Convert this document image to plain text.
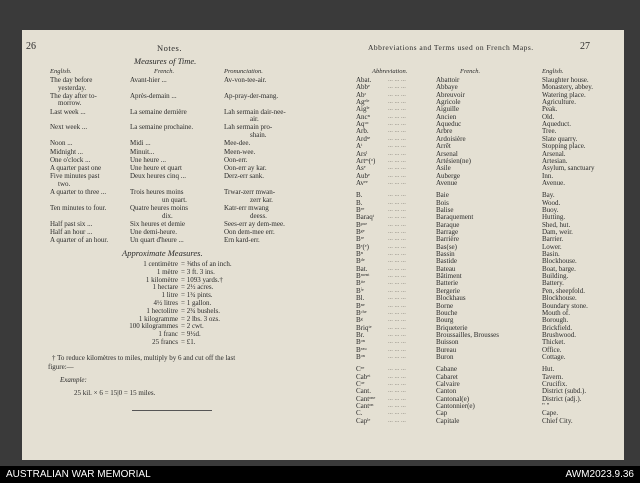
26	Notes.
Measures of Time.
English.	French.	Pronunciation.
Approximate Measures.
† To reduce kilomètres to miles, multiply by 6 and cut off the last
figure:—
Example:
25 kil. × 6 = 15|0 = 15 miles.
The day before	Avant-hier ...	Av-von-tee-air.
yesterday.
The day after to-	Après-demain ...	Ap-pray-der-mang.
morrow.
Last week ...	La semaine dernière	Lah sermain dair-nee-
air.
Next week ...	La semaine prochaine.	Lah sermain pro-
shain.
Noon ...	Midi ...	Mee-dee.
Midnight ...	Minuit...	Meen-wee.
One o'clock ...	Une heure ...	Oon-err.
A quarter past one	Une heure et quart	Oon-err ay kar.
Five minutes past	Deux heures cinq ...	Derz-err sank.
two.
A quarter to three ...	Trois heures moins	Trwar-zerr mwan-
un quart.	zerr kar.
Ten minutes to four.	Quatre heures moins	Katr-err mwang
dix.	deess.
Half past six ...	Six heures et demie	Sees-err ay dem-mee.
Half an hour ...	Une demi-heure.	Oon dem-mee err.
A quarter of an hour.	Un quart d'heure ...	Ern kard-err.
1 centimètre = ⅜ths of an inch.
1 mètre = 3 ft. 3 ins.
1 kilomètre = 1093 yards.†
1 hectare = 2½ acres.
1 litre = 1¾ pints.
4½ litres = 1 gallon.
1 hectolitre = 2¾ bushels.
1 kilogramme = 2 lbs. 3 ozs.
100 kilogrammes = 2 cwt.
1 franc = 9½d.
25 francs = £1.
Abbreviations and Terms used on French Maps.	27
Abbreviation.	French.	English.
Abat.	... ... ...	Abattoir	Slaughter house.
Abbᵉ	... ... ...	Abbaye	Monastery, abbey.
Abʳ	... ... ...	Abreuvoir	Watering place.
Agᵉˡᵉ	... ... ...	Agricole	Agriculture.
Aigˡᵉ	... ... ...	Aiguille	Peak.
Ancⁿ	... ... ...	Ancien	Old.
Aqᵘᶜ	... ... ...	Aqueduc	Aqueduct.
Arb.	... ... ...	Arbre	Tree.
Ardˢᵉ	... ... ...	Ardoisière	Slate quarry.
Aᵗ	... ... ...	Arrêt	Stopping place.
Arsˡ	... ... ...	Arsenal	Arsenal.
Artᵉˢ(ᵒ) ... ... ...	Artésien(ne)	Artesian.
Asᵉ	... ... ...	Asile	Asylum, sanctuary
Aubᵉ	... ... ...	Auberge	Inn.
Avᵉᵉ	... ... ...	Avenue	Avenue.
B.	... ... ...	Baie	Bay.
B.	... ... ...	Bois	Wood.
Bᵉᵉ	... ... ...	Balise	Buoy.
Baraqᵗ ... ... ...	Baraquement	Hutting.
Bᵠᵘᵉ	... ... ...	Baraque	Shed, hut.
Bᵍᵉ	... ... ...	Barrage	Dam, weir.
Bʳᵉ	... ... ...	Barrière	Barrier.
Bᵉ(ᵉ)	... ... ...	Bas(se)	Lower.
Bⁿ	... ... ...	Bassin	Basin.
Bᵈᵉ	... ... ...	Bastide	Blockhouse.
Bat.	... ... ...	Bateau	Boat, barge.
Bᵐᵉⁿᵗ	... ... ...	Bâtiment	Building.
Bᵗᵗᵉ	... ... ...	Batterie	Battery.
Bⁱᵉ	... ... ...	Bergerie	Pen, sheepfold.
Bl.	... ... ...	Blockhaus	Blockhouse.
Bⁿᵉ	... ... ...	Borne	Boundary stone.
Bᶜʰᵉ	... ... ...	Bouche	Mouth of.
Bᵍ	... ... ...	Bourg	Borough.
Briqᵗᵉ	... ... ...	Briqueterie	Brickfield.
Br.	... ... ...	Broussailles, Brousses	Brushwood.
Bᵒⁿ	... ... ...	Buisson	Thicket.
Bᵉᵃᵘ	... ... ...	Bureau	Office.
Bᵒⁿ	... ... ...	Buron	Cottage.
Cᵉᵉ	... ... ...	Cabane	Hut.
Cabᵉᵗ	... ... ...	Cabaret	Tavern.
Cᵒᵉ	... ... ...	Calvaire	Crucifix.
Cant.	... ... ...	Canton	District (subd.).
Cantᵒⁿᵉ ... ... ...	Cantonal(e)	District (adj.).
Cantᵒⁿ ... ... ...	Cantonnier(e)	" "
C.	... ... ...	Cap	Cape.
Capˡᵉ	... ... ...	Capitale	Chief City.
AUSTRALIAN WAR MEMORIAL	AWM2023.9.36
